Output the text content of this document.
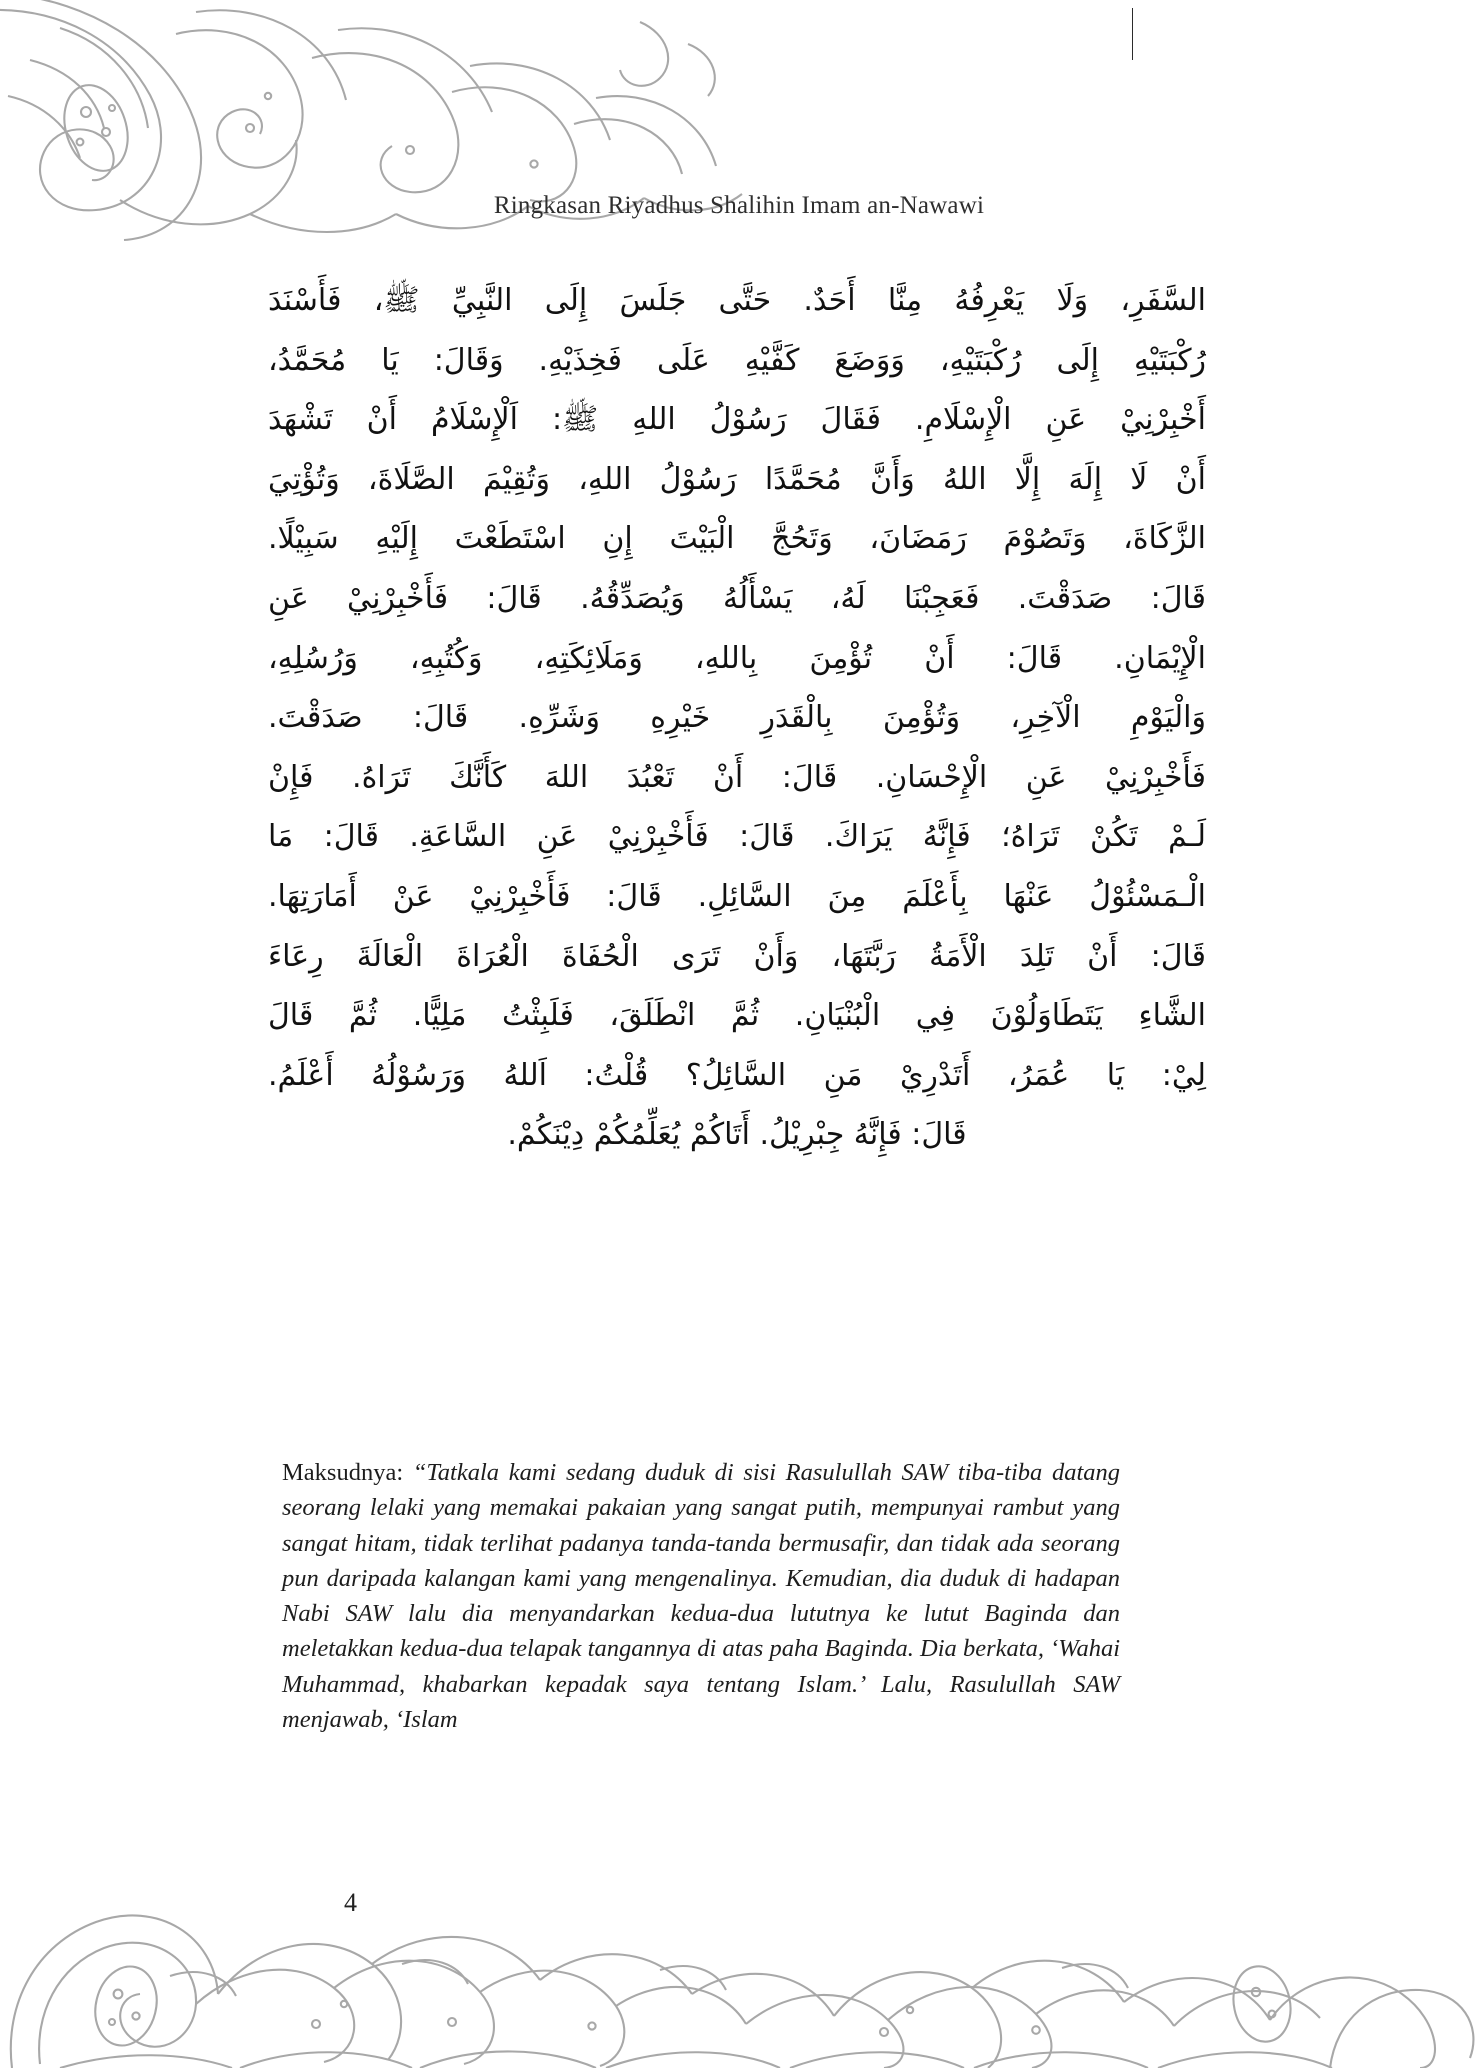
Ringkasan Riyadhus Shalihin Imam an-Nawawi

السَّفَرِ، وَلَا يَعْرِفُهُ مِنَّا أَحَدٌ. حَتَّى جَلَسَ إِلَى النَّبِيِّ ﷺ، فَأَسْنَدَ

رُكْبَتَيْهِ إِلَى رُكْبَتَيْهِ، وَوَضَعَ كَفَّيْهِ عَلَى فَخِذَيْهِ. وَقَالَ: يَا مُحَمَّدُ،

أَخْبِرْنِيْ عَنِ الْإِسْلَامِ. فَقَالَ رَسُوْلُ اللهِ ﷺ: اَلْإِسْلَامُ أَنْ تَشْهَدَ

أَنْ لَا إِلَهَ إِلَّا اللهُ وَأَنَّ مُحَمَّدًا رَسُوْلُ اللهِ، وَتُقِيْمَ الصَّلَاةَ، وَتُؤْتِيَ

الزَّكَاةَ، وَتَصُوْمَ رَمَضَانَ، وَتَحُجَّ الْبَيْتَ إِنِ اسْتَطَعْتَ إِلَيْهِ سَبِيْلًا.

قَالَ: صَدَقْتَ. فَعَجِبْنَا لَهُ، يَسْأَلُهُ وَيُصَدِّقُهُ. قَالَ: فَأَخْبِرْنِيْ عَنِ

الْإِيْمَانِ. قَالَ: أَنْ تُؤْمِنَ بِاللهِ، وَمَلَائِكَتِهِ، وَكُتُبِهِ، وَرُسُلِهِ،

وَالْيَوْمِ الْآخِرِ، وَتُؤْمِنَ بِالْقَدَرِ خَيْرِهِ وَشَرِّهِ. قَالَ: صَدَقْتَ.

فَأَخْبِرْنِيْ عَنِ الْإِحْسَانِ. قَالَ: أَنْ تَعْبُدَ اللهَ كَأَنَّكَ تَرَاهُ. فَإِنْ

لَـمْ تَكُنْ تَرَاهُ؛ فَإِنَّهُ يَرَاكَ. قَالَ: فَأَخْبِرْنِيْ عَنِ السَّاعَةِ. قَالَ: مَا

الْـمَسْئُوْلُ عَنْهَا بِأَعْلَمَ مِنَ السَّائِلِ. قَالَ: فَأَخْبِرْنِيْ عَنْ أَمَارَتِهَا.

قَالَ: أَنْ تَلِدَ الْأَمَةُ رَبَّتَهَا، وَأَنْ تَرَى الْحُفَاةَ الْعُرَاةَ الْعَالَةَ رِعَاءَ

الشَّاءِ يَتَطَاوَلُوْنَ فِي الْبُنْيَانِ. ثُمَّ انْطَلَقَ، فَلَبِثْتُ مَلِيًّا. ثُمَّ قَالَ

لِيْ: يَا عُمَرُ، أَتَدْرِيْ مَنِ السَّائِلُ؟ قُلْتُ: اَللهُ وَرَسُوْلُهُ أَعْلَمُ.

قَالَ: فَإِنَّهُ جِبْرِيْلُ. أَتَاكُمْ يُعَلِّمُكُمْ دِيْنَكُمْ.

Maksudnya: “Tatkala kami sedang duduk di sisi Rasulullah SAW tiba-tiba datang seorang lelaki yang memakai pakaian yang sangat putih, mempunyai rambut yang sangat hitam, tidak terlihat padanya tanda-tanda bermusafir, dan tidak ada seorang pun daripada kalangan kami yang mengenalinya. Kemudian, dia duduk di hadapan Nabi SAW lalu dia menyandarkan kedua-dua lututnya ke lutut Baginda dan meletakkan kedua-dua telapak tangannya di atas paha Baginda. Dia berkata, ‘Wahai Muhammad, khabarkan kepadak saya tentang Islam.’ Lalu, Rasulullah SAW menjawab, ‘Islam
4
